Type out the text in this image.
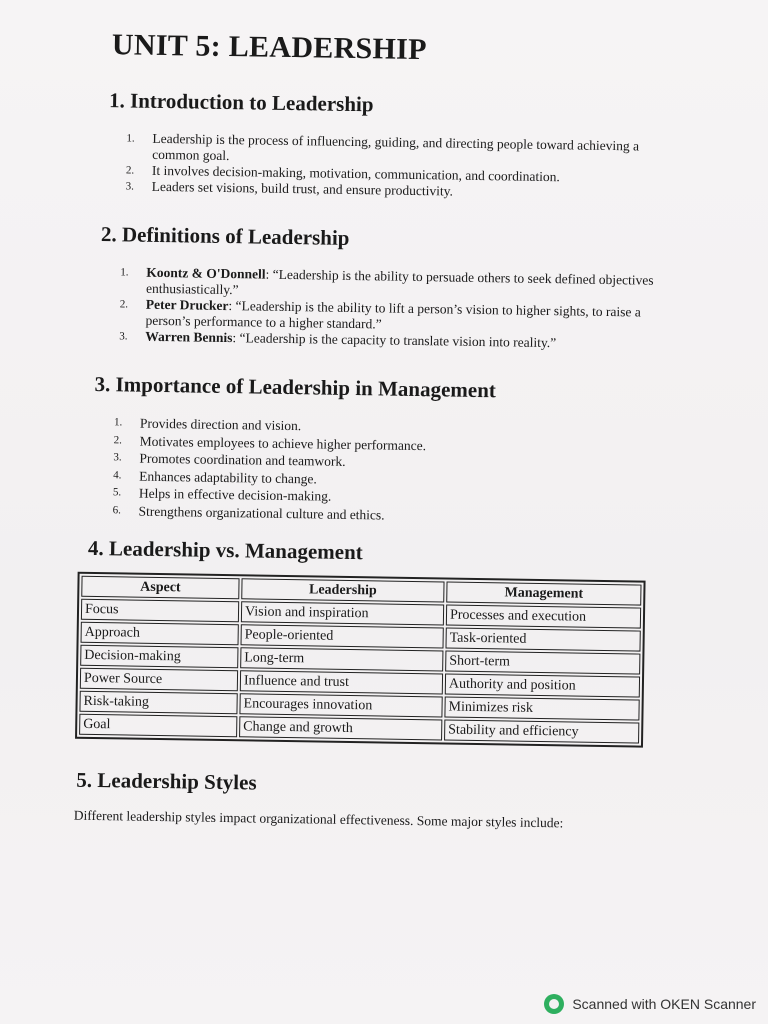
UNIT 5: LEADERSHIP
1. Introduction to Leadership
1. Leadership is the process of influencing, guiding, and directing people toward achieving a common goal.
2. It involves decision-making, motivation, communication, and coordination.
3. Leaders set visions, build trust, and ensure productivity.
2. Definitions of Leadership
1. Koontz & O'Donnell: “Leadership is the ability to persuade others to seek defined objectives enthusiastically.”
2. Peter Drucker: “Leadership is the ability to lift a person’s vision to higher sights, to raise a person’s performance to a higher standard.”
3. Warren Bennis: “Leadership is the capacity to translate vision into reality.”
3. Importance of Leadership in Management
1. Provides direction and vision.
2. Motivates employees to achieve higher performance.
3. Promotes coordination and teamwork.
4. Enhances adaptability to change.
5. Helps in effective decision-making.
6. Strengthens organizational culture and ethics.
4. Leadership vs. Management
Aspect	Leadership	Management
Focus	Vision and inspiration	Processes and execution
Approach	People-oriented	Task-oriented
Decision-making	Long-term	Short-term
Power Source	Influence and trust	Authority and position
Risk-taking	Encourages innovation	Minimizes risk
Goal	Change and growth	Stability and efficiency
5. Leadership Styles

Different leadership styles impact organizational effectiveness. Some major styles include:

Scanned with OKEN Scanner
